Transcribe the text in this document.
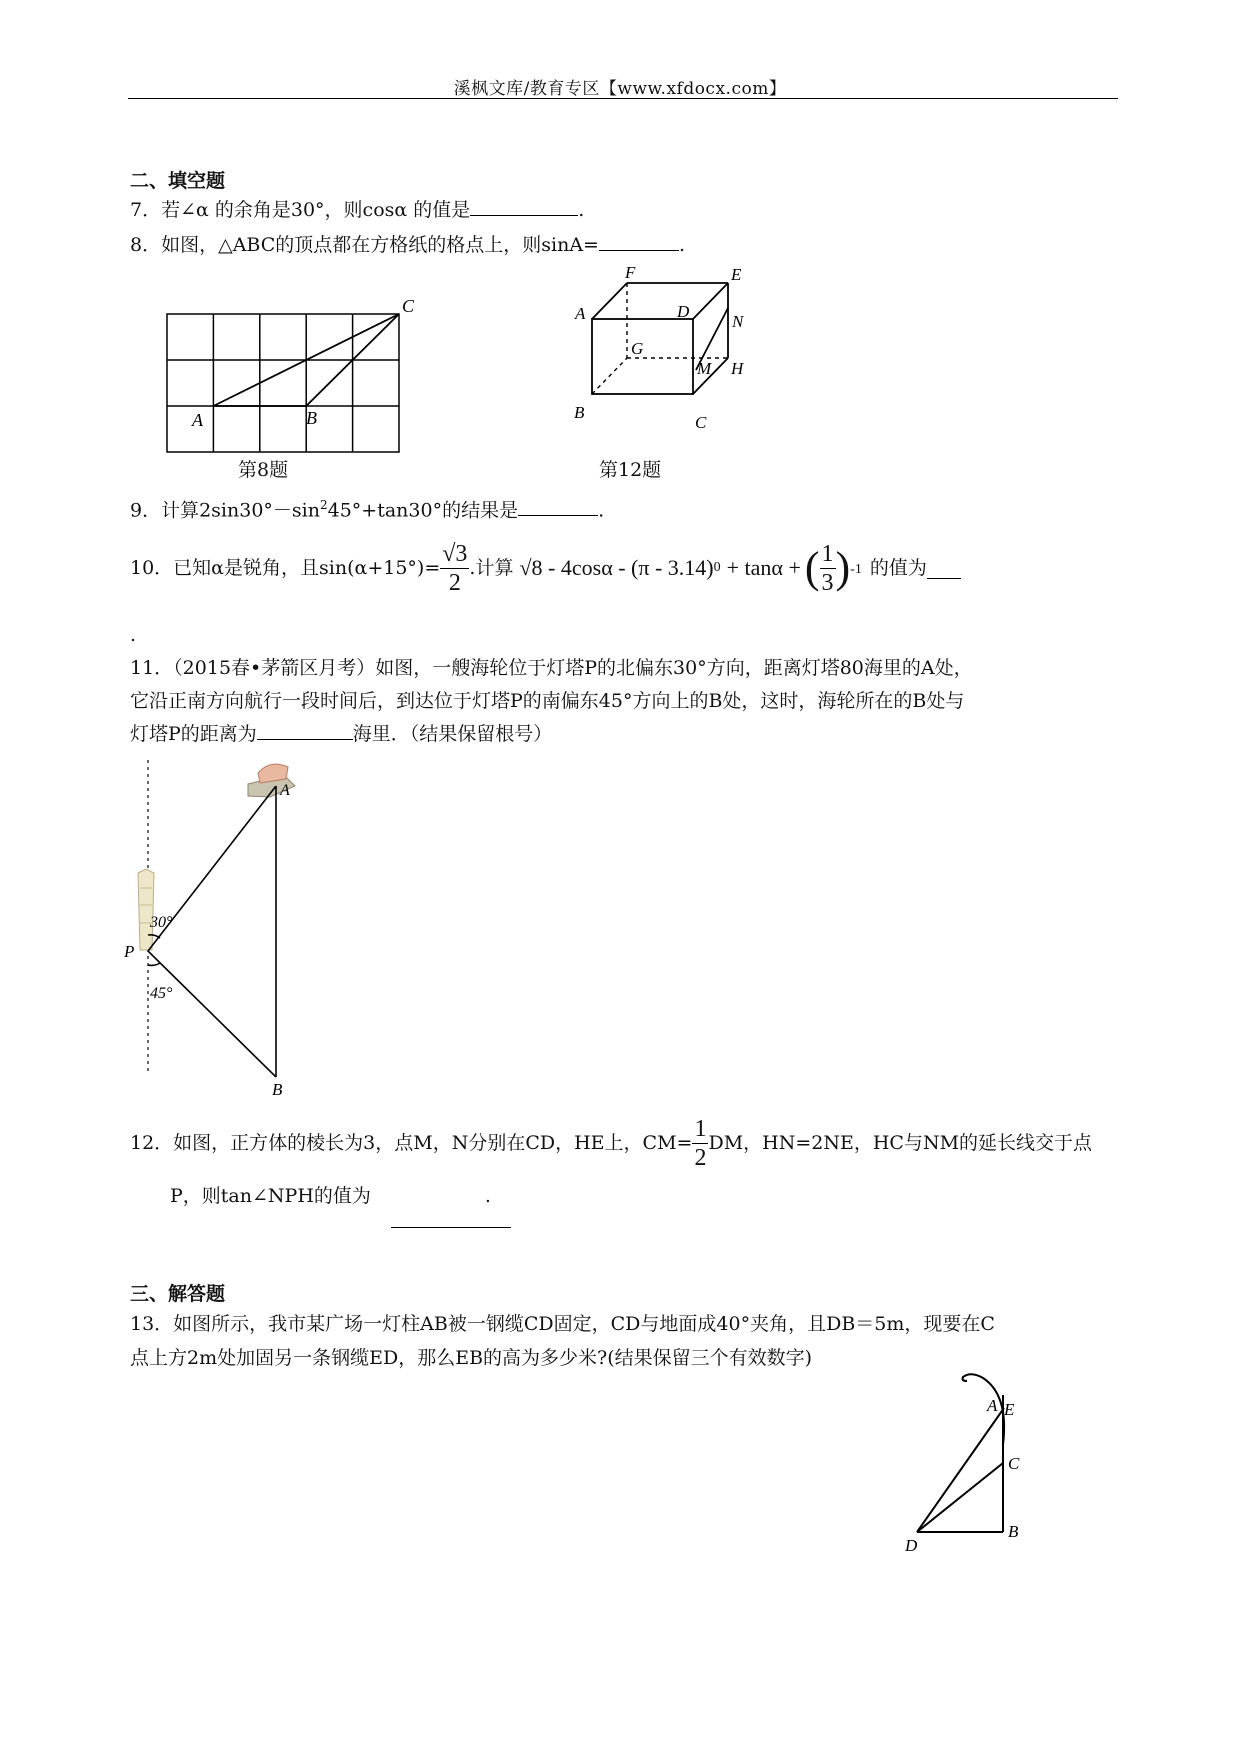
溪枫文库/教育专区【www.xfdocx.com】
二、填空题
7．若∠α 的余角是30°，则cosα 的值是	.
8．如图，△ABC的顶点都在方格纸的格点上，则sinA=	.
A	B
C
第8题
F	E
A	D
N
G
M H
B
C
第12题
9．计算$2\sin 30^\circ-\sin^245^\circ+\tan 30^\circ$的结果是	.
10．已知α是锐角，且$\sin(\alpha+15^\circ)= \frac{√3}{2}$ .计算 √8 - 4cosα - (π - 3.14) 0 + tanα + ( $\frac{1}{3}$ ) -1 的值为
.
11．（2015春•茅箭区月考）如图，一艘海轮位于灯塔P的北偏东30°方向，距离灯塔80海里的A处，
它沿正南方向航行一段时间后，到达位于灯塔P的南偏东45°方向上的B处，这时，海轮所在的B处与
灯塔P的距离为	海里．（结果保留根号）
A
P
B
30°
45°
12．如图，正方体的棱长为3，点M，N分别在CD，HE上，$CM= \frac{1}{2}$ DM，HN=2NE，HC与NM的延长线交于点
P，则tan∠NPH的值为	.
三、解答题
13．如图所示，我市某广场一灯柱AB被一钢缆CD固定，CD与地面成40°夹角，且DB＝5m，现要在C
点上方2m处加固另一条钢缆ED，那么EB的高为多少米?(结果保留三个有效数字)
A E
C
B
D
